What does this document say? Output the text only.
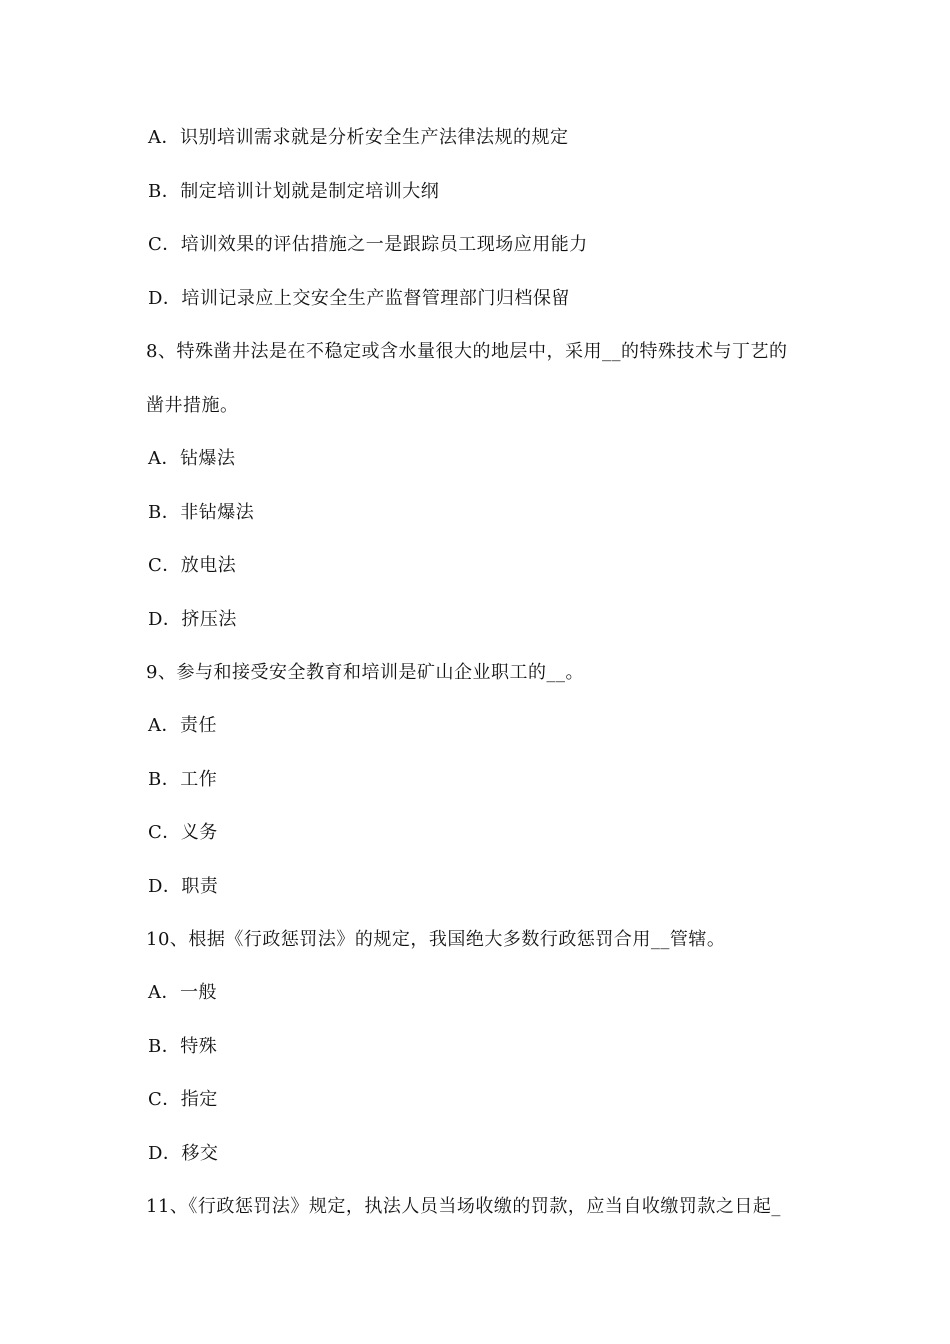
A．识别培训需求就是分析安全生产法律法规的规定
B．制定培训计划就是制定培训大纲
C．培训效果的评估措施之一是跟踪员工现场应用能力
D．培训记录应上交安全生产监督管理部门归档保留
8、特殊凿井法是在不稳定或含水量很大的地层中，采用__的特殊技术与丁艺的
凿井措施。
A．钻爆法
B．非钻爆法
C．放电法
D．挤压法
9、参与和接受安全教育和培训是矿山企业职工的__。
A．责任
B．工作
C．义务
D．职责
10、根据《行政惩罚法》的规定，我国绝大多数行政惩罚合用__管辖。
A．一般
B．特殊
C．指定
D．移交
11、《行政惩罚法》规定，执法人员当场收缴的罚款，应当自收缴罚款之日起_
